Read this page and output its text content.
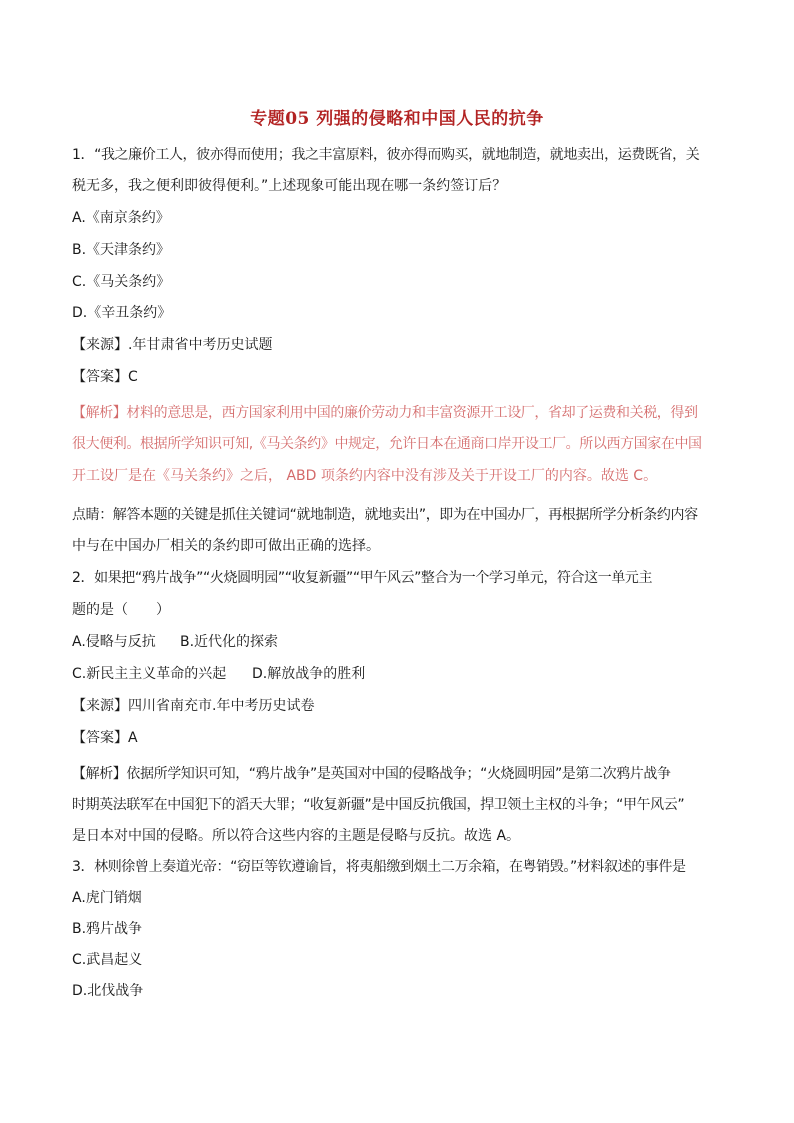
专题05 列强的侵略和中国人民的抗争
1．“我之廉价工人，彼亦得而使用；我之丰富原料，彼亦得而购买，就地制造，就地卖出，运费既省，关
税无多，我之便利即彼得便利。”上述现象可能出现在哪一条约签订后？
A.《南京条约》
B.《天津条约》
C.《马关条约》
D.《辛丑条约》
【来源】.年甘肃省中考历史试题
【答案】C
【解析】材料的意思是，西方国家利用中国的廉价劳动力和丰富资源开工设厂，省却了运费和关税，得到
很大便利。根据所学知识可知,《马关条约》中规定，允许日本在通商口岸开设工厂。所以西方国家在中国
开工设厂是在《马关条约》之后， ABD 项条约内容中没有涉及关于开设工厂的内容。故选 C。
点睛：解答本题的关键是抓住关键词“就地制造，就地卖出”，即为在中国办厂，再根据所学分析条约内容
中与在中国办厂相关的条约即可做出正确的选择。
2．如果把“鸦片战争”“火烧圆明园”“收复新疆”“甲午风云”整合为一个学习单元，符合这一单元主
题的是（　　）
A.侵略与反抗 B.近代化的探索
C.新民主主义革命的兴起 D.解放战争的胜利
【来源】四川省南充市.年中考历史试卷
【答案】A
【解析】依据所学知识可知，“鸦片战争”是英国对中国的侵略战争；“火烧圆明园”是第二次鸦片战争
时期英法联军在中国犯下的滔天大罪；“收复新疆”是中国反抗俄国，捍卫领土主权的斗争；“甲午风云”
是日本对中国的侵略。所以符合这些内容的主题是侵略与反抗。故选 A。
3．林则徐曾上奏道光帝：“窃臣等钦遵谕旨，将夷船缴到烟土二万余箱，在粤销毁。”材料叙述的事件是
A.虎门销烟
B.鸦片战争
C.武昌起义
D.北伐战争
